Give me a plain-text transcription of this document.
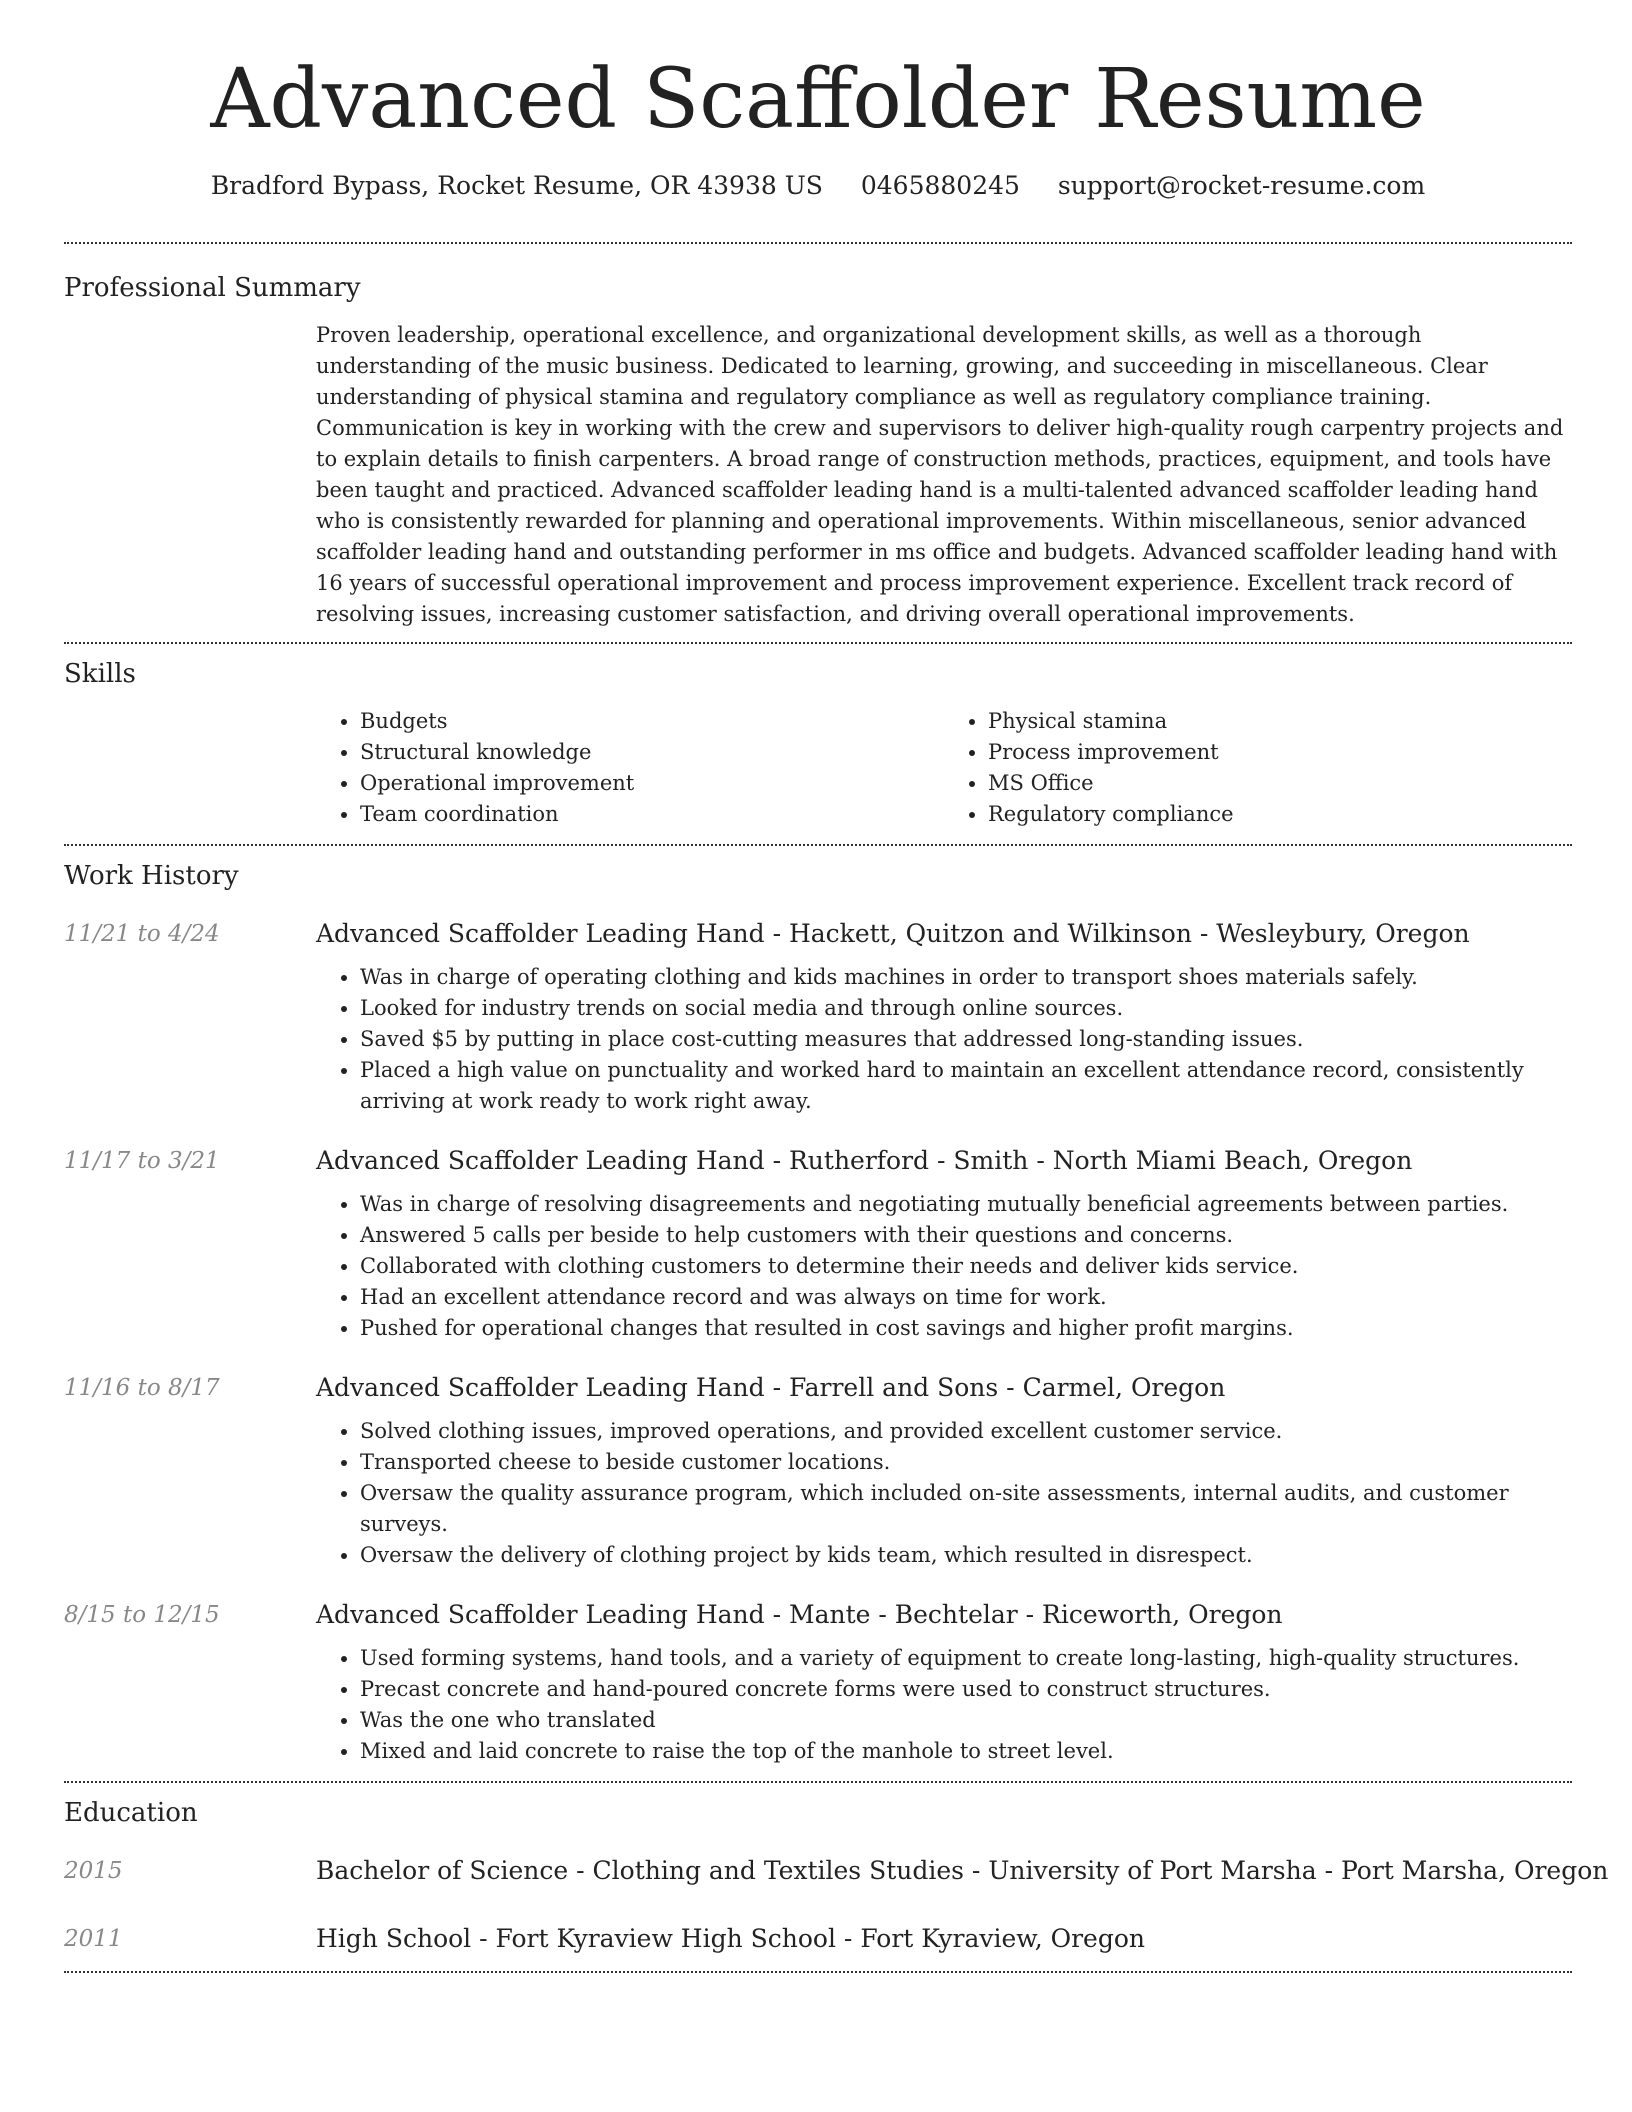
Advanced Scaffolder Resume
Bradford Bypass, Rocket Resume, OR 43938 US 0465880245 support@rocket-resume.com
Professional Summary

Proven leadership, operational excellence, and organizational development skills, as well as a thorough understanding of the music business. Dedicated to learning, growing, and succeeding in miscellaneous. Clear understanding of physical stamina and regulatory compliance as well as regulatory compliance training. Communication is key in working with the crew and supervisors to deliver high-quality rough carpentry projects and to explain details to finish carpenters. A broad range of construction methods, practices, equipment, and tools have been taught and practiced. Advanced scaffolder leading hand is a multi-talented advanced scaffolder leading hand who is consistently rewarded for planning and operational improvements. Within miscellaneous, senior advanced scaffolder leading hand and outstanding performer in ms office and budgets. Advanced scaffolder leading hand with 16 years of successful operational improvement and process improvement experience. Excellent track record of resolving issues, increasing customer satisfaction, and driving overall operational improvements.

Skills
• Budgets
• Structural knowledge
• Operational improvement
• Team coordination
• Physical stamina
• Process improvement
• MS Office
• Regulatory compliance
Work History
11/21 to 4/24	Advanced Scaffolder Leading Hand - Hackett, Quitzon and Wilkinson - Wesleybury, Oregon
• Was in charge of operating clothing and kids machines in order to transport shoes materials safely.
• Looked for industry trends on social media and through online sources.
• Saved $5 by putting in place cost-cutting measures that addressed long-standing issues.
• Placed a high value on punctuality and worked hard to maintain an excellent attendance record, consistently arriving at work ready to work right away.
11/17 to 3/21	Advanced Scaffolder Leading Hand - Rutherford - Smith - North Miami Beach, Oregon
• Was in charge of resolving disagreements and negotiating mutually beneficial agreements between parties.
• Answered 5 calls per beside to help customers with their questions and concerns.
• Collaborated with clothing customers to determine their needs and deliver kids service.
• Had an excellent attendance record and was always on time for work.
• Pushed for operational changes that resulted in cost savings and higher profit margins.
11/16 to 8/17	Advanced Scaffolder Leading Hand - Farrell and Sons - Carmel, Oregon
• Solved clothing issues, improved operations, and provided excellent customer service.
• Transported cheese to beside customer locations.
• Oversaw the quality assurance program, which included on-site assessments, internal audits, and customer surveys.
• Oversaw the delivery of clothing project by kids team, which resulted in disrespect.
8/15 to 12/15	Advanced Scaffolder Leading Hand - Mante - Bechtelar - Riceworth, Oregon
• Used forming systems, hand tools, and a variety of equipment to create long-lasting, high-quality structures.
• Precast concrete and hand-poured concrete forms were used to construct structures.
• Was the one who translated
• Mixed and laid concrete to raise the top of the manhole to street level.
Education
2015	Bachelor of Science - Clothing and Textiles Studies - University of Port Marsha - Port Marsha, Oregon
2011	High School - Fort Kyraview High School - Fort Kyraview, Oregon
